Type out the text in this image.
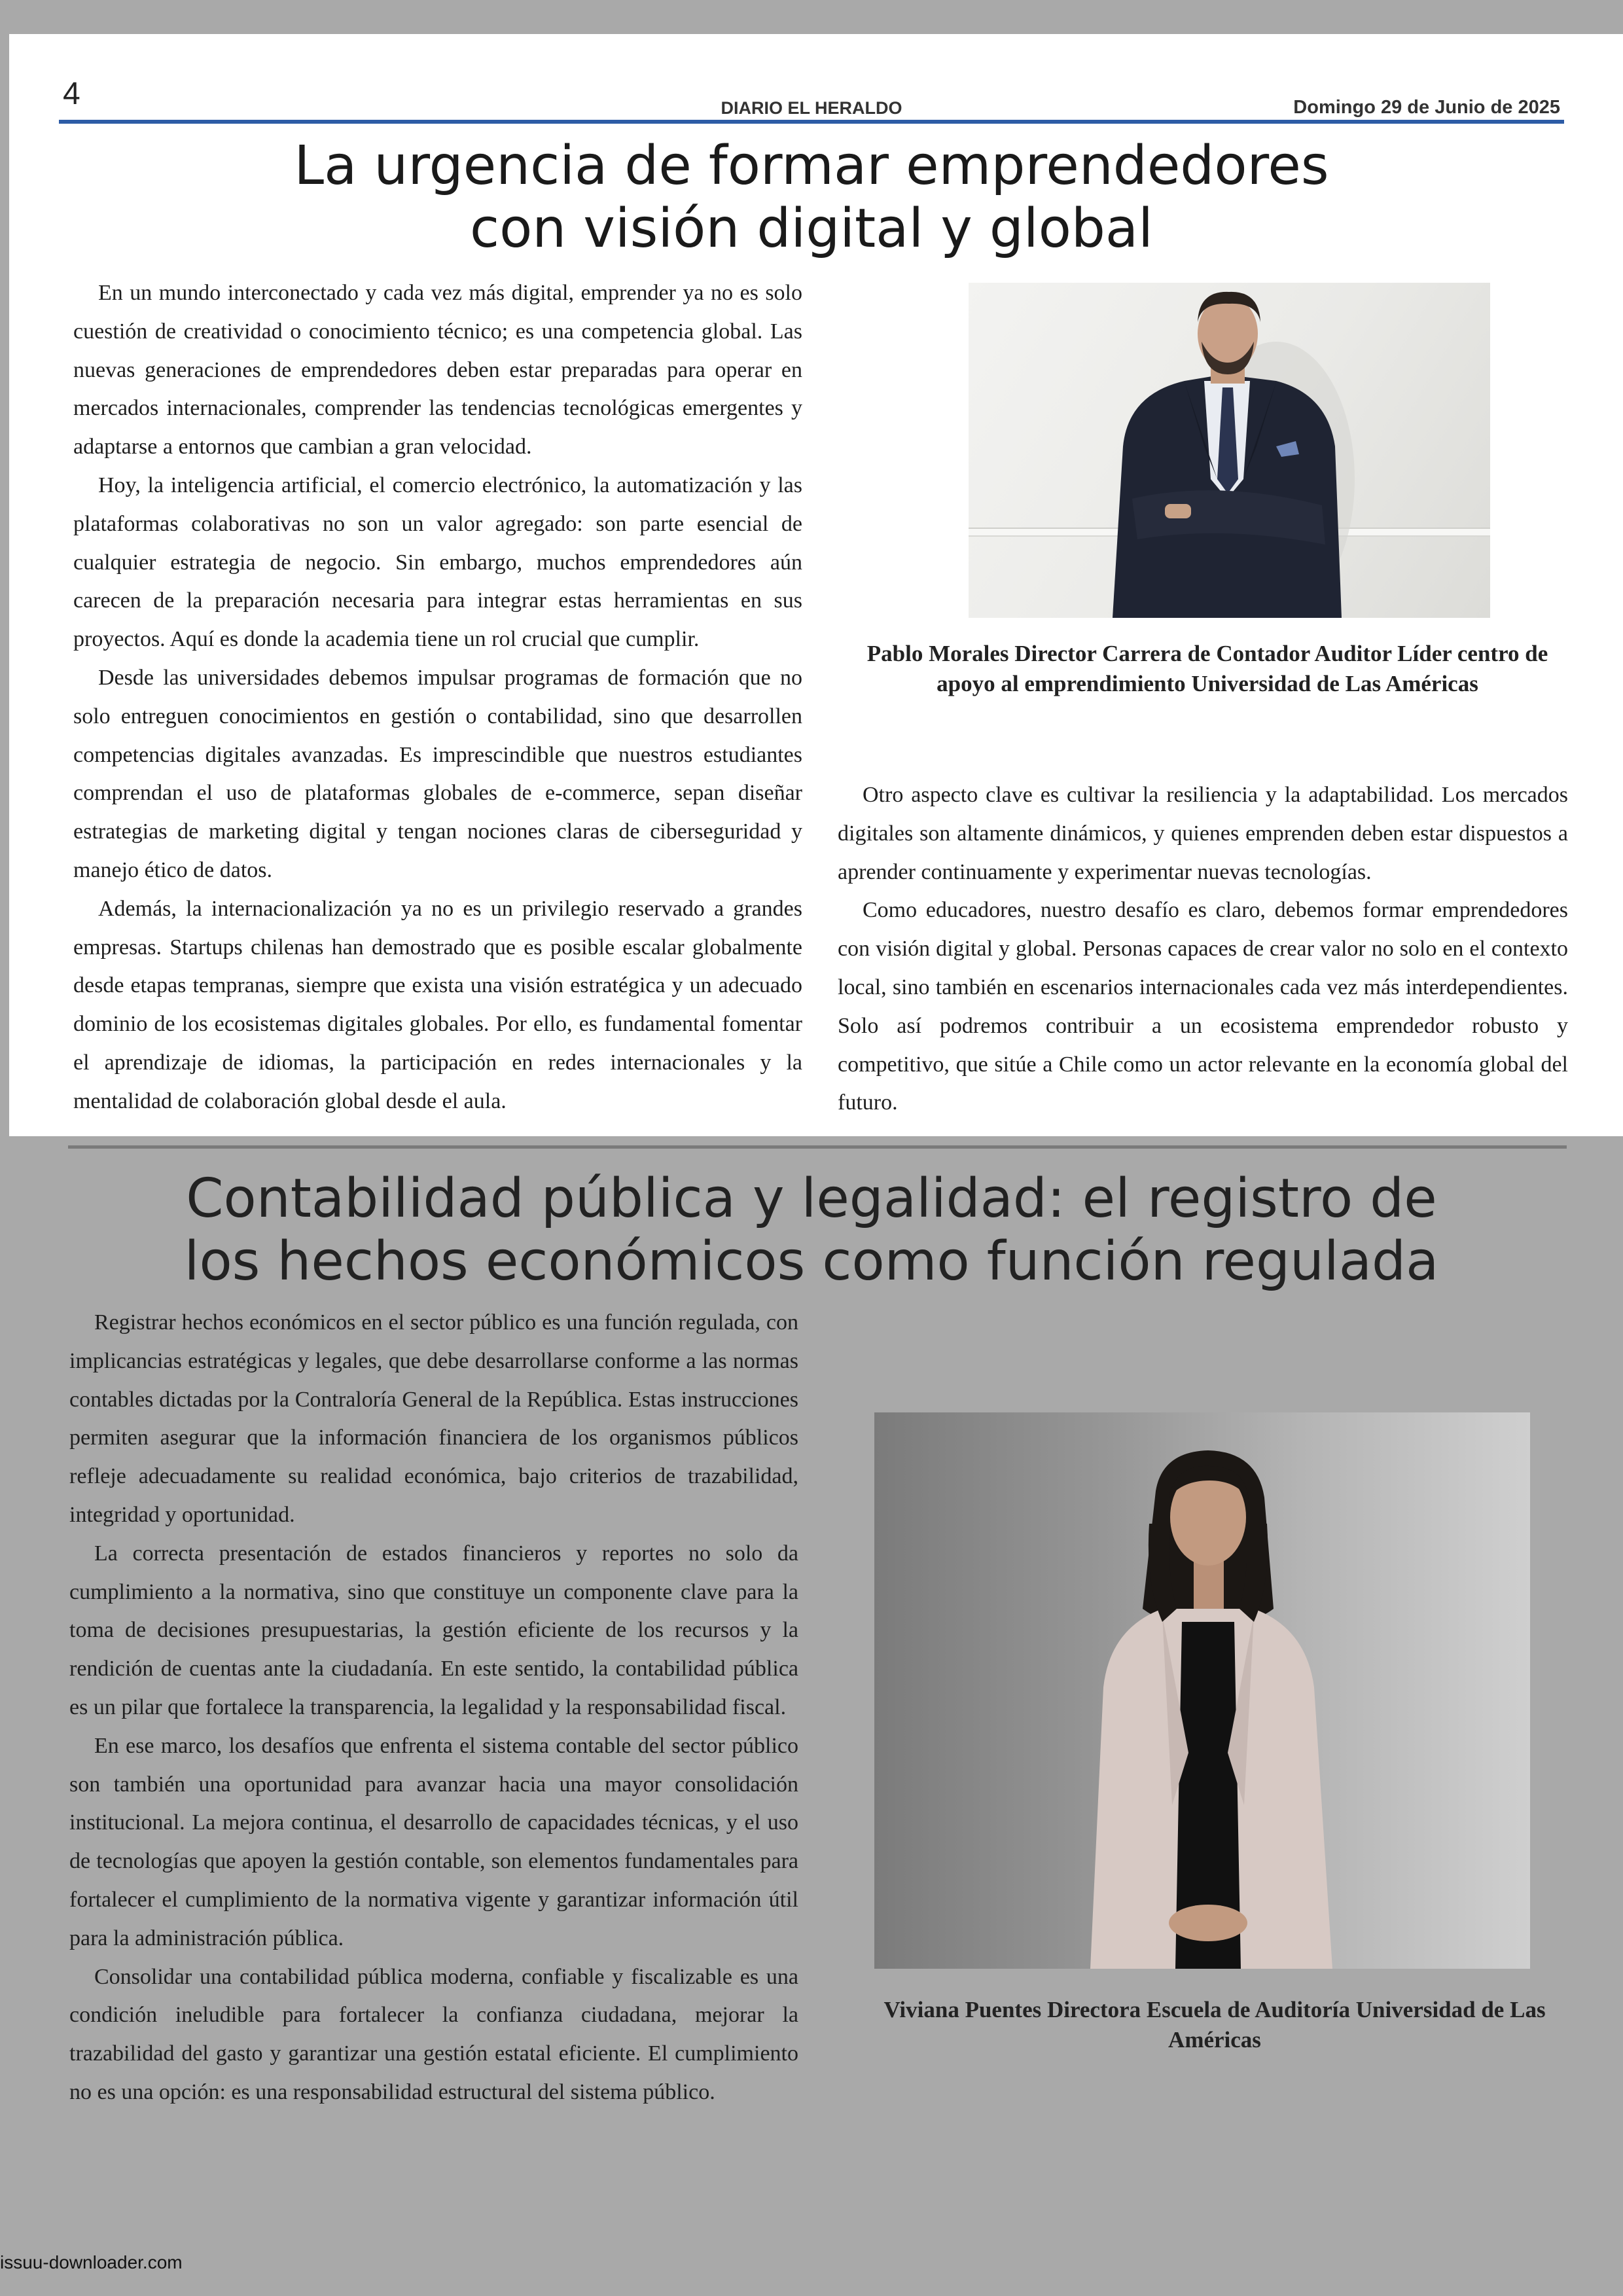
4	DIARIO EL HERALDO	Domingo 29 de Junio de 2025
La urgencia de formar emprendedores
con visión digital y global

En un mundo interconectado y cada vez más digital, emprender ya no es solo cuestión de creatividad o conocimiento técnico; es una competencia global. Las nuevas generaciones de emprendedores deben estar preparadas para operar en mercados internacionales, comprender las tendencias tecnológicas emergentes y adaptarse a entornos que cambian a gran velocidad.

Hoy, la inteligencia artificial, el comercio electrónico, la automatización y las plataformas colaborativas no son un valor agregado: son parte esencial de cualquier estrategia de negocio. Sin embargo, muchos emprendedores aún carecen de la preparación necesaria para integrar estas herramientas en sus proyectos. Aquí es donde la academia tiene un rol crucial que cumplir.

Desde las universidades debemos impulsar programas de formación que no solo entreguen conocimientos en gestión o contabilidad, sino que desarrollen competencias digitales avanzadas. Es imprescindible que nuestros estudiantes comprendan el uso de plataformas globales de e-commerce, sepan diseñar estrategias de marketing digital y tengan nociones claras de ciberseguridad y manejo ético de datos.

Además, la internacionalización ya no es un privilegio reservado a grandes empresas. Startups chilenas han demostrado que es posible escalar globalmente desde etapas tempranas, siempre que exista una visión estratégica y un adecuado dominio de los ecosistemas digitales globales. Por ello, es fundamental fomentar el aprendizaje de idiomas, la participación en redes internacionales y la mentalidad de colaboración global desde el aula.

Pablo Morales Director Carrera de Contador Auditor Líder centro de apoyo al emprendimiento Universidad de Las Américas

Otro aspecto clave es cultivar la resiliencia y la adaptabilidad. Los mercados digitales son altamente dinámicos, y quienes emprenden deben estar dispuestos a aprender continuamente y experimentar nuevas tecnologías.

Como educadores, nuestro desafío es claro, debemos formar emprendedores con visión digital y global. Personas capaces de crear valor no solo en el contexto local, sino también en escenarios internacionales cada vez más interdependientes. Solo así podremos contribuir a un ecosistema emprendedor robusto y competitivo, que sitúe a Chile como un actor relevante en la economía global del futuro.

Contabilidad pública y legalidad: el registro de
los hechos económicos como función regulada

Registrar hechos económicos en el sector público es una función regulada, con implicancias estratégicas y legales, que debe desarrollarse conforme a las normas contables dictadas por la Contraloría General de la República. Estas instrucciones permiten asegurar que la información financiera de los organismos públicos refleje adecuadamente su realidad económica, bajo criterios de trazabilidad, integridad y oportunidad.

La correcta presentación de estados financieros y reportes no solo da cumplimiento a la normativa, sino que constituye un componente clave para la toma de decisiones presupuestarias, la gestión eficiente de los recursos y la rendición de cuentas ante la ciudadanía. En este sentido, la contabilidad pública es un pilar que fortalece la transparencia, la legalidad y la responsabilidad fiscal.

En ese marco, los desafíos que enfrenta el sistema contable del sector público son también una oportunidad para avanzar hacia una mayor consolidación institucional. La mejora continua, el desarrollo de capacidades técnicas, y el uso de tecnologías que apoyen la gestión contable, son elementos fundamentales para fortalecer el cumplimiento de la normativa vigente y garantizar información útil para la administración pública.

Consolidar una contabilidad pública moderna, confiable y fiscalizable es una condición ineludible para fortalecer la confianza ciudadana, mejorar la trazabilidad del gasto y garantizar una gestión estatal eficiente. El cumplimiento no es una opción: es una responsabilidad estructural del sistema público.

Viviana Puentes Directora Escuela de Auditoría Universidad de Las Américas
issuu-downloader.com
